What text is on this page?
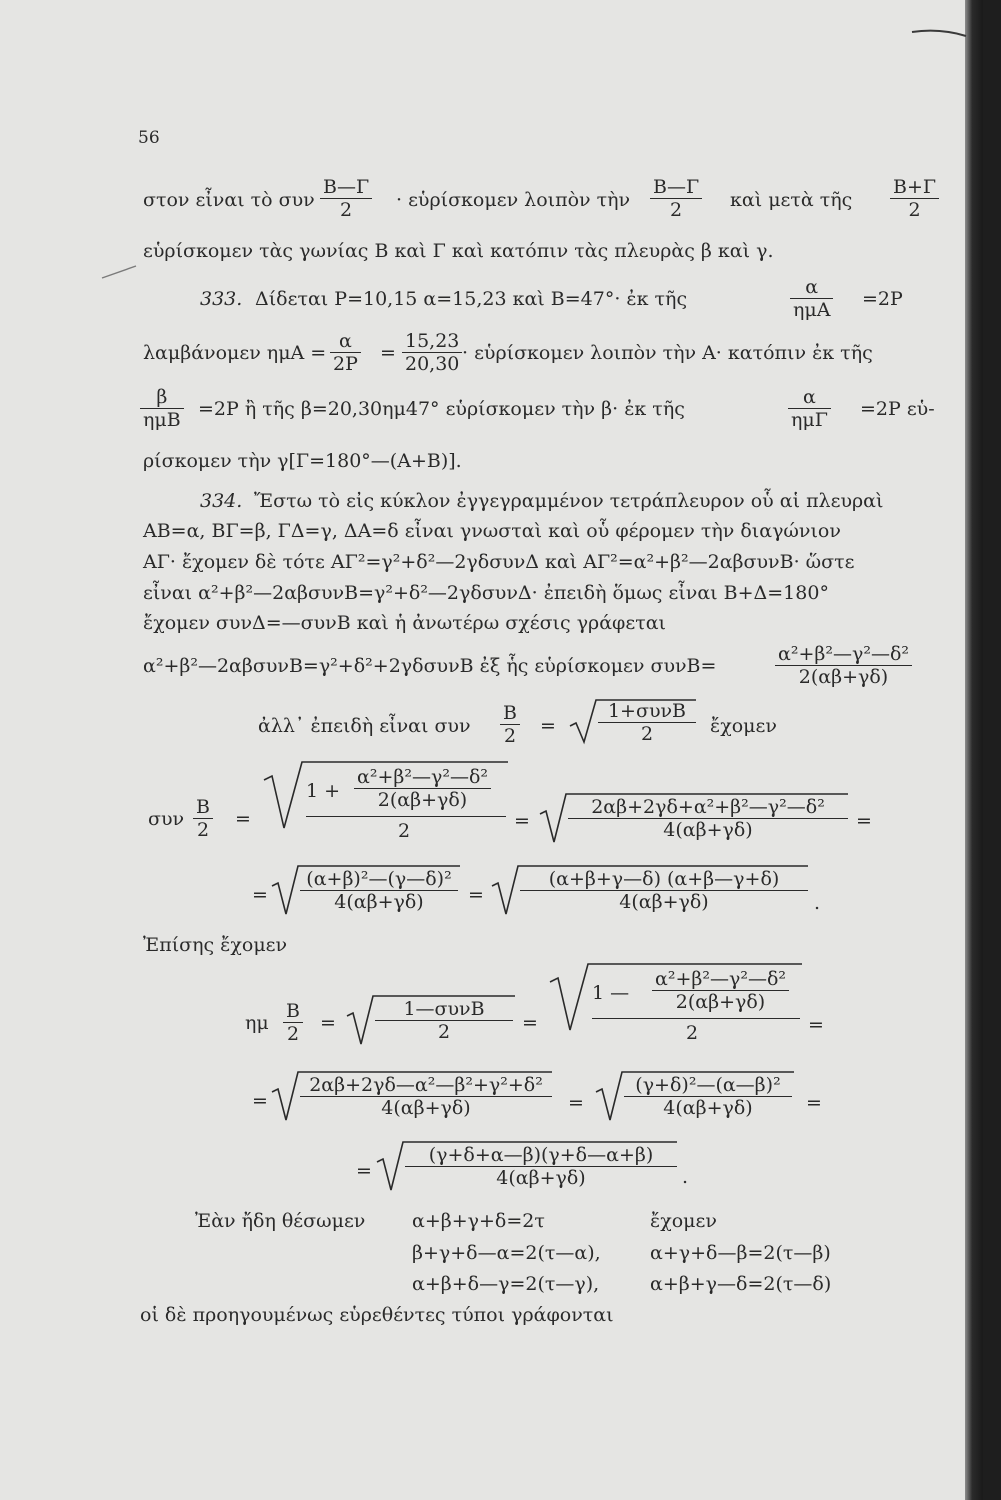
56
στον εἶναι τὸ συν $\frac{B—\Gamma}{2}$ · εὑρίσκομεν λοιπὸν τὴν $\frac{B—\Gamma}{2}$ καὶ μετὰ τῆς $\frac{B+\Gamma}{2}$
εὑρίσκομεν τὰς γωνίας Β καὶ Γ καὶ κατόπιν τὰς πλευρὰς β καὶ γ.
333. Δίδεται Ρ=10,15 α=15,23 καὶ Β=47°· ἐκ τῆς
α
ημΑ =2Ρ
λαμβάνομεν $\eta\mu A = \frac{\alpha}{2P} = \frac{15,23}{20,30}$ · εὑρίσκομεν λοιπὸν τὴν Α· κατόπιν ἐκ τῆς
β
ημΒ =2Ρ ἢ τῆς β=20,30ημ47° εὑρίσκομεν τὴν β· ἐκ τῆς
α
ημΓ =2Ρ εὑ-
ρίσκομεν τὴν γ[Γ=180°—(Α+Β)].
334. Ἔστω τὸ εἰς κύκλον ἐγγεγραμμένον τετράπλευρον οὗ αἱ πλευραὶ
ΑΒ=α, ΒΓ=β, ΓΔ=γ, ΔΑ=δ εἶναι γνωσταὶ καὶ οὗ φέρομεν τὴν διαγώνιον
ΑΓ· ἔχομεν δὲ τότε ΑΓ²=γ²+δ²—2γδσυνΔ καὶ ΑΓ²=α²+β²—2αβσυνΒ· ὥστε
εἶναι α²+β²—2αβσυνΒ=γ²+δ²—2γδσυνΔ· ἐπειδὴ ὅμως εἶναι Β+Δ=180°
ἔχομεν συνΔ=—συνΒ καὶ ἡ ἀνωτέρω σχέσις γράφεται
α²+β²—2αβσυνΒ=γ²+δ²+2γδσυνΒ ἐξ ἧς εὑρίσκομεν συνΒ=	$\frac{\text{α²+β²—γ²—δ²}}{2(\alpha\beta+\gamma\delta)}$
ἀλλ᾽ ἐπειδὴ εἶναι συν $\frac{B}{2}$ =
1+συνΒ
2	ἔχομεν
συν $\frac{B}{2}$ =
$1 + \frac{\text{α²+β²—γ²—δ²}}{2(\alpha\beta+\gamma\delta)}$
2	= $\frac{\text{2αβ+2γδ+α²+β²—γ²—δ²}}{4(\alpha\beta+\gamma\delta)}$ =
= $\frac{\text{(α+β)²—(γ—δ)²}}{4(\alpha\beta+\gamma\delta)} = \frac{(\alpha+\beta+\gamma—\delta) (\alpha+\beta—\gamma+\delta)}{4(\alpha\beta+\gamma\delta)}$ .
Ἐπίσης ἔχομεν
ημ $\frac{B}{2}$ =
1—συνΒ
2	=
1 — $\frac{\text{α²+β²—γ²—δ²}}{2(\alpha\beta+\gamma\delta)}$
2	=
= $\frac{\text{2αβ+2γδ—α²—β²+γ²+δ²}}{4(\alpha\beta+\gamma\delta)} = \frac{\text{(γ+δ)²—(α—β)²}}{4(\alpha\beta+\gamma\delta)}$ =
= $\frac{(\gamma+\delta+\alpha—\beta)(\gamma+\delta—\alpha+\beta)}{4(\alpha\beta+\gamma\delta)}$ .
Ἐὰν ἤδη θέσωμεν α+β+γ+δ=2τ	ἔχομεν
β+γ+δ—α=2(τ—α),	α+γ+δ—β=2(τ—β)
α+β+δ—γ=2(τ—γ),	α+β+γ—δ=2(τ—δ)
οἱ δὲ προηγουμένως εὑρεθέντες τύποι γράφονται
